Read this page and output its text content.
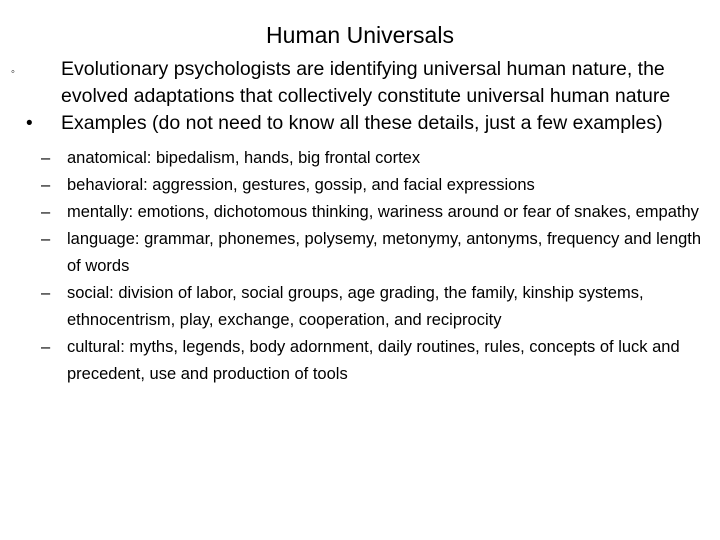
Human Universals
◦	Evolutionary psychologists are identifying universal human nature, the evolved adaptations that collectively constitute universal human nature
•	Examples (do not need to know all these details, just a few examples)
– anatomical: bipedalism, hands, big frontal cortex
– behavioral: aggression, gestures, gossip, and facial expressions
– mentally: emotions, dichotomous thinking, wariness around or fear of snakes, empathy
– language: grammar, phonemes, polysemy, metonymy, antonyms, frequency and length of words
– social: division of labor, social groups, age grading, the family, kinship systems, ethnocentrism, play, exchange, cooperation, and reciprocity
– cultural: myths, legends, body adornment, daily routines, rules, concepts of luck and precedent, use and production of tools
